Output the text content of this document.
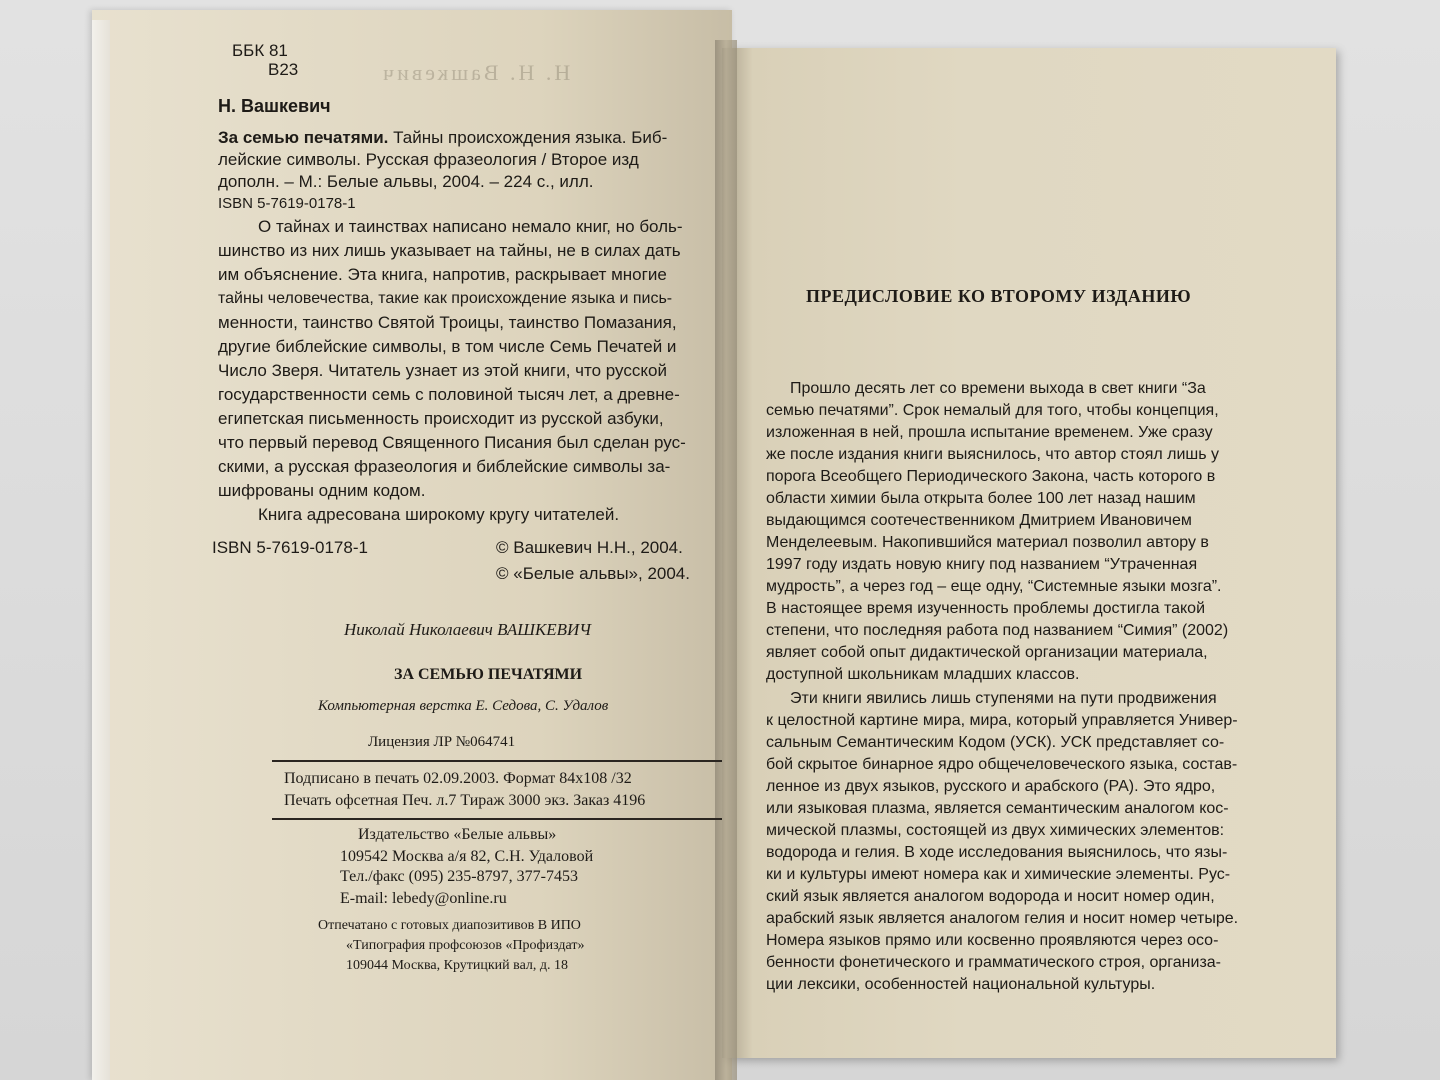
Н. Н. Вашкевич
ББК 81
В23
Н. Вашкевич
За семью печатями. Тайны происхождения языка. Биб-
лейские символы. Русская фразеология / Второе изд
дополн. – М.: Белые альвы, 2004. – 224 с., илл.
ISBN 5-7619-0178-1
О тайнах и таинствах написано немало книг, но боль-
шинство из них лишь указывает на тайны, не в силах дать
им объяснение. Эта книга, напротив, раскрывает многие
тайны человечества, такие как происхождение языка и пись-
менности, таинство Святой Троицы, таинство Помазания,
другие библейские символы, в том числе Семь Печатей и
Число Зверя. Читатель узнает из этой книги, что русской
государственности семь с половиной тысяч лет, а древне-
египетская письменность происходит из русской азбуки,
что первый перевод Священного Писания был сделан рус-
скими, а русская фразеология и библейские символы за-
шифрованы одним кодом.
Книга адресована широкому кругу читателей.
ISBN 5-7619-0178-1	© Вашкевич Н.Н., 2004.
© «Белые альвы», 2004.
Николай Николаевич ВАШКЕВИЧ
ЗА СЕМЬЮ ПЕЧАТЯМИ
Компьютерная верстка Е. Седова, С. Удалов
Лицензия ЛР №064741
Подписано в печать 02.09.2003. Формат 84х108 /32
Печать офсетная Печ. л.7 Тираж 3000 экз. Заказ 4196
Издательство «Белые альвы»
109542 Москва а/я 82, С.Н. Удаловой
Тел./факс (095) 235-8797, 377-7453
E-mail: lebedy@online.ru
Отпечатано с готовых диапозитивов В ИПО
«Типография профсоюзов «Профиздат»
109044 Москва, Крутицкий вал, д. 18
ПРЕДИСЛОВИЕ КО ВТОРОМУ ИЗДАНИЮ
Прошло десять лет со времени выхода в свет книги “За
семью печатями”. Срок немалый для того, чтобы концепция,
изложенная в ней, прошла испытание временем. Уже сразу
же после издания книги выяснилось, что автор стоял лишь у
порога Всеобщего Периодического Закона, часть которого в
области химии была открыта более 100 лет назад нашим
выдающимся соотечественником Дмитрием Ивановичем
Менделеевым. Накопившийся материал позволил автору в
1997 году издать новую книгу под названием “Утраченная
мудрость”, а через год – еще одну, “Системные языки мозга”.
В настоящее время изученность проблемы достигла такой
степени, что последняя работа под названием “Симия” (2002)
являет собой опыт дидактической организации материала,
доступной школьникам младших классов.
Эти книги явились лишь ступенями на пути продвижения
к целостной картине мира, мира, который управляется Универ-
сальным Семантическим Кодом (УСК). УСК представляет со-
бой скрытое бинарное ядро общечеловеческого языка, состав-
ленное из двух языков, русского и арабского (РА). Это ядро,
или языковая плазма, является семантическим аналогом кос-
мической плазмы, состоящей из двух химических элементов:
водорода и гелия. В ходе исследования выяснилось, что язы-
ки и культуры имеют номера как и химические элементы. Рус-
ский язык является аналогом водорода и носит номер один,
арабский язык является аналогом гелия и носит номер четыре.
Номера языков прямо или косвенно проявляются через осо-
бенности фонетического и грамматического строя, организа-
ции лексики, особенностей национальной культуры.
